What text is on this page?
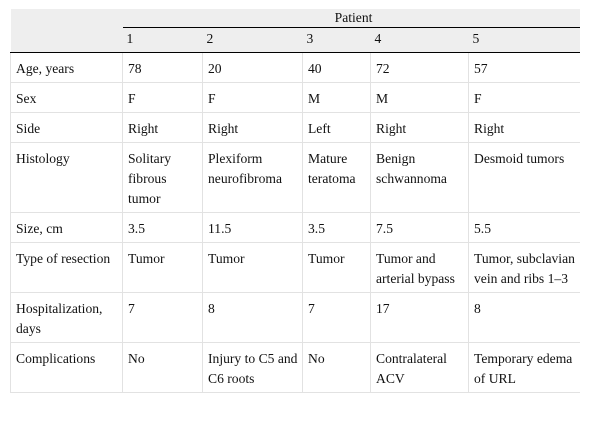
	Patient				
	1	2	3	4	5
Age, years	78	20	40	72	57
Sex	F	F	M	M	F
Side	Right	Right	Left	Right	Right
Histology	Solitary fibrous tumor	Plexiform neurofibroma	Mature teratoma	Benign schwannoma	Desmoid tumors
Size, cm	3.5	11.5	3.5	7.5	5.5
Type of resection	Tumor	Tumor	Tumor	Tumor and arterial bypass	Tumor, subclavian vein and ribs 1–3
Hospitalization, days	7	8	7	17	8
Complications	No	Injury to C5 and C6 roots	No	Contralateral ACV	Temporary edema of URL
